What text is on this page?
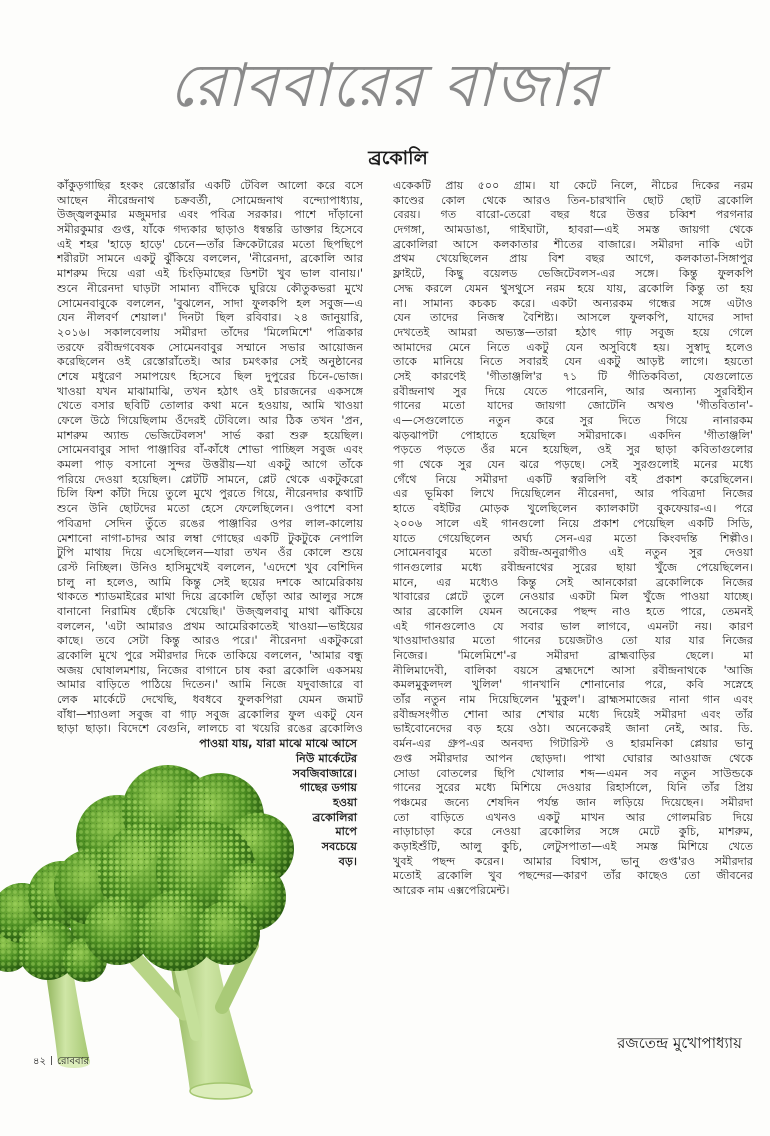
রোববারের বাজার
ব্রকোলি
কাঁকুড়গাছির হংকং রেস্তোরাঁর একটি টেবিল আলো করে বসে
আছেন নীরেন্দ্রনাথ চক্রবর্তী, সোমেন্দ্রনাথ বন্দ্যোপাধ্যায়,
উজ্জ্বলকুমার মজুমদার এবং পবিত্র সরকার। পাশে দাঁড়ানো
সমীরকুমার গুপ্ত, যাঁকে গদ্যকার ছাড়াও ধন্বন্তরি ডাক্তার হিসেবে
এই শহর 'হাড়ে হাড়ে' চেনে—তাঁর ক্রিকেটারের মতো ছিপছিপে
শরীরটা সামনে একটু ঝুঁকিয়ে বললেন, 'নীরেনদা, ব্রকোলি আর
মাশরুম দিয়ে এরা এই চিংড়িমাছের ডিশটা খুব ভাল বানায়।'
শুনে নীরেনদা ঘাড়টা সামান্য বাঁদিকে ঘুরিয়ে কৌতুকভরা মুখে
সোমেনবাবুকে বললেন, 'বুঝলেন, সাদা ফুলকপি হল সবুজ—এ
যেন নীলবর্ণ শেয়াল।' দিনটা ছিল রবিবার। ২৪ জানুয়ারি,
২০১৬। সকালবেলায় সমীরদা তাঁদের 'মিলেমিশে' পত্রিকার
তরফে রবীন্দ্রগবেষক সোমেনবাবুর সম্মানে সভার আয়োজন
করেছিলেন ওই রেস্তোরাঁতেই। আর চমৎকার সেই অনুষ্ঠানের
শেষে মধুরেণ সমাপয়েৎ হিসেবে ছিল দুপুরের চিনে-ভোজ।
খাওয়া যখন মাঝামাঝি, তখন হঠাৎ ওই চারজনের একসঙ্গে
খেতে বসার ছবিটি তোলার কথা মনে হওয়ায়, আমি খাওয়া
ফেলে উঠে গিয়েছিলাম ওঁদেরই টেবিলে। আর ঠিক তখন 'প্রন,
মাশরুম অ্যান্ড ভেজিটেবলস' সার্ভ করা শুরু হয়েছিল।
সোমেনবাবুর সাদা পাঞ্জাবির বাঁ-কাঁধে শোভা পাচ্ছিল সবুজ এবং
কমলা পাড় বসানো সুন্দর উত্তরীয়—যা একটু আগে তাঁকে
পরিয়ে দেওয়া হয়েছিল। প্লেটটি সামনে, প্লেট থেকে একটুকরো
চিলি ফিশ কাঁটা দিয়ে তুলে মুখে পুরতে গিয়ে, নীরেনদার কথাটি
শুনে উনি ছোটদের মতো হেসে ফেলেছিলেন। ওপাশে বসা
পবিত্রদা সেদিন তুঁতে রঙের পাঞ্জাবির ওপর লাল-কালোয়
মেশানো নাগা-চাদর আর লম্বা গোছের একটি টুকটুকে নেপালি
টুপি মাথায় দিয়ে এসেছিলেন—যারা তখন ওঁর কোলে শুয়ে
রেস্ট নিচ্ছিল। উনিও হাসিমুখেই বললেন, 'এদেশে খুব বেশিদিন
চালু না হলেও, আমি কিন্তু সেই ছয়ের দশকে আমেরিকায়
থাকতে শ্যাডমাইরের মাথা দিয়ে ব্রকোলি ছোঁড়া আর আলুর সঙ্গে
বানানো নিরামিষ ছেঁচকি খেয়েছি।' উজ্জ্বলবাবু মাথা ঝাঁকিয়ে
বললেন, 'এটা আমারও প্রথম আমেরিকাতেই খাওয়া—ভাইয়ের
কাছে। তবে সেটা কিন্তু আরও পরে।' নীরেনদা একটুকরো
ব্রকোলি মুখে পুরে সমীরদার দিকে তাকিয়ে বললেন, 'আমার বন্ধু
অজয় ঘোষালমশায়, নিজের বাগানে চাষ করা ব্রকোলি একসময়
আমার বাড়িতে পাঠিয়ে দিতেন।' আমি নিজে যদুবাজারে বা
লেক মার্কেটে দেখেছি, ধবধবে ফুলকপিরা যেমন জমাট
বাঁধা—শ্যাওলা সবুজ বা গাঢ় সবুজ ব্রকোলির ফুল একটু যেন
ছাড়া ছাড়া। বিদেশে বেগুনি, লালচে বা খয়েরি রঙের ব্রকোলিও
পাওয়া যায়, যারা মাঝে মাঝে আসে
নিউ মার্কেটের
সবজিবাজারে।
গাছের ডগায়
হওয়া
ব্রকোলিরা
মাপে
সবচেয়ে
বড়।
একেকটি প্রায় ৫০০ গ্রাম। যা কেটে নিলে, নীচের দিকের নরম
কাণ্ডের কোল থেকে আরও তিন-চারখানি ছোট ছোট ব্রকোলি
বেরয়। গত বারো-তেরো বছর ধরে উত্তর চব্বিশ পরগনার
দেগঙ্গা, আমডাঙা, গাইঘাটা, হাবরা—এই সমস্ত জায়গা থেকে
ব্রকোলিরা আসে কলকাতার শীতের বাজারে। সমীরদা নাকি এটা
প্রথম খেয়েছিলেন প্রায় বিশ বছর আগে, কলকাতা-সিঙ্গাপুর
ফ্লাইটে, কিছু বয়েলড ভেজিটেবলস-এর সঙ্গে। কিন্তু ফুলকপি
সেদ্ধ করলে যেমন থুসথুসে নরম হয়ে যায়, ব্রকোলি কিন্তু তা হয়
না। সামান্য কচকচ করে। একটা অন্যরকম গন্ধের সঙ্গে এটাও
যেন তাদের নিজস্ব বৈশিষ্ট্য। আসলে ফুলকপি, যাদের সাদা
দেখতেই আমরা অভ্যস্ত—তারা হঠাৎ গাঢ় সবুজ হয়ে গেলে
আমাদের মেনে নিতে একটু যেন অসুবিধে হয়। সুস্বাদু হলেও
তাকে মানিয়ে নিতে সবারই যেন একটু আড়ষ্ট লাগে। হয়তো
সেই কারণেই 'গীতাঞ্জলি'র ৭১ টি গীতিকবিতা, যেগুলোতে
রবীন্দ্রনাথ সুর দিয়ে যেতে পারেননি, আর অন্যান্য সুরবিহীন
গানের মতো যাদের জায়গা জোটেনি অখণ্ড 'গীতবিতান'-
এ—সেগুলোতে নতুন করে সুর দিতে গিয়ে নানারকম
ঝড়ঝাপটা পোহাতে হয়েছিল সমীরদাকে। একদিন 'গীতাঞ্জলি'
পড়তে পড়তে ওঁর মনে হয়েছিল, ওই সুর ছাড়া কবিতাগুলোর
গা থেকে সুর যেন ঝরে পড়ছে। সেই সুরগুলোই মনের মধ্যে
গেঁথে নিয়ে সমীরদা একটি স্বরলিপি বই প্রকাশ করেছিলেন।
এর ভূমিকা লিখে দিয়েছিলেন নীরেনদা, আর পবিত্রদা নিজের
হাতে বইটির মোড়ক খুলেছিলেন ক্যালকাটা বুকফেয়ার-এ। পরে
২০০৬ সালে এই গানগুলো নিয়ে প্রকাশ পেয়েছিল একটি সিডি,
যাতে গেয়েছিলেন অর্ঘ্য সেন-এর মতো কিংবদন্তি শিল্পীও।
সোমেনবাবুর মতো রবীন্দ্র-অনুরাগীও এই নতুন সুর দেওয়া
গানগুলোর মধ্যে রবীন্দ্রনাথের সুরের ছায়া খুঁজে পেয়েছিলেন।
মানে, এর মধ্যেও কিন্তু সেই আনকোরা ব্রকোলিকে নিজের
খাবারের প্লেটে তুলে নেওয়ার একটা মিল খুঁজে পাওয়া যাচ্ছে।
আর ব্রকোলি যেমন অনেকের পছন্দ নাও হতে পারে, তেমনই
এই গানগুলোও যে সবার ভাল লাগবে, এমনটা নয়। কারণ
খাওয়াদাওয়ার মতো গানের চয়েজটাও তো যার যার নিজের
নিজের। 'মিলেমিশে'-র সমীরদা ব্রাহ্মবাড়ির ছেলে। মা
নীলিমাদেবী, বালিকা বয়সে ব্রহ্মদেশে আসা রবীন্দ্রনাথকে 'আজি
কমলমুকুলদল খুলিল' গানখানি শোনানোর পরে, কবি সস্নেহে
তাঁর নতুন নাম দিয়েছিলেন 'মুকুল'। ব্রাহ্মসমাজের নানা গান এবং
রবীন্দ্রসংগীত শোনা আর শেখার মধ্যে দিয়েই সমীরদা এবং তাঁর
ভাইবোনেদের বড় হয়ে ওঠা। অনেকেরই জানা নেই, আর. ডি.
বর্মন-এর গ্রুপ-এর অনবদ্য গিটারিস্ট ও হারমনিকা প্লেয়ার ভানু
গুপ্ত সমীরদার আপন ছোড়দা। পাখা ঘোরার আওয়াজ থেকে
সোডা বোতলের ছিপি খোলার শব্দ—এমন সব নতুন সাউন্ডকে
গানের সুরের মধ্যে মিশিয়ে দেওয়ার রিহার্সালে, যিনি তাঁর প্রিয়
পঞ্চমের জন্যে শেষদিন পর্যন্ত জান লড়িয়ে দিয়েছেন। সমীরদা
তো বাড়িতে এখনও একটু মাখন আর গোলমরিচ দিয়ে
নাড়াচাড়া করে নেওয়া ব্রকোলির সঙ্গে মেটে কুচি, মাশরুম,
কড়াইশুঁটি, আলু কুচি, লেটুসপাতা—এই সমস্ত মিশিয়ে খেতে
খুবই পছন্দ করেন। আমার বিশ্বাস, ভানু গুপ্ত'রও সমীরদার
মতোই ব্রকোলি খুব পছন্দের—কারণ তাঁর কাছেও তো জীবনের
আরেক নাম এক্সপেরিমেন্ট।
রজতেন্দ্র মুখোপাধ্যায়
৪২ রোববার
